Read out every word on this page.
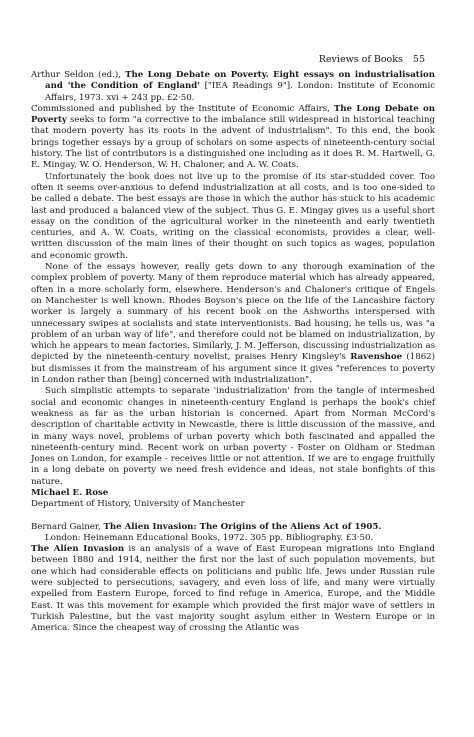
Reviews of Books 55

Arthur Seldon (ed.), The Long Debate on Poverty. Eight essays on industrialisation and 'the Condition of England' ["IEA Readings 9"]. London: Institute of Economic Affairs, 1973. xvi + 243 pp. £2·50.

Commissioned and published by the Institute of Economic Affairs, The Long Debate on Poverty seeks to form "a corrective to the imbalance still widespread in historical teaching that modern poverty has its roots in the advent of industrialism". To this end, the book brings together essays by a group of scholars on some aspects of nineteenth-century social history. The list of contributors is a distinguished one including as it does R. M. Hartwell, G. E. Mingay, W. O. Henderson, W. H. Chaloner, and A. W. Coats.

Unfortunately the book does not live up to the promise of its star-studded cover. Too often it seems over-anxious to defend industrialization at all costs, and is too one-sided to be called a debate. The best essays are those in which the author has stuck to his academic last and produced a balanced view of the subject. Thus G. E. Mingay gives us a useful short essay on the condition of the agricultural worker in the nineteenth and early twentieth centuries, and A. W. Coats, writing on the classical economists, provides a clear, well-written discussion of the main lines of their thought on such topics as wages, population and economic growth.

None of the essays however, really gets down to any thorough examination of the complex problem of poverty. Many of them reproduce material which has already appeared, often in a more scholarly form, elsewhere. Henderson's and Chaloner's critique of Engels on Manchester is well known. Rhodes Boyson's piece on the life of the Lancashire factory worker is largely a summary of his recent book on the Ashworths interspersed with unnecessary swipes at socialists and state interventionists. Bad housing, he tells us, was "a problem of an urban way of life", and therefore could not be blamed on industrialization, by which he appears to mean factories. Similarly, J. M. Jefferson, discussing industrialization as depicted by the nineteenth-century novelist, praises Henry Kingsley's Ravenshoe (1862) but dismisses it from the mainstream of his argument since it gives "references to poverty in London rather than [being] concerned with industrialization".

Such simplistic attempts to separate 'industrialization' from the tangle of intermeshed social and economic changes in nineteenth-century England is perhaps the book's chief weakness as far as the urban historian is concerned. Apart from Norman McCord's description of charitable activity in Newcastle, there is little discussion of the massive, and in many ways novel, problems of urban poverty which both fascinated and appalled the nineteenth-century mind. Recent work on urban poverty - Foster on Oldham or Stedman Jones on London, for example - receives little or not attention. If we are to engage fruitfully in a long debate on poverty we need fresh evidence and ideas, not stale bonfights of this nature.

Michael E. Rose

Department of History, University of Manchester

Bernard Gainer, The Alien Invasion: The Origins of the Aliens Act of 1905.

London: Heinemann Educational Books, 1972. 305 pp. Bibliography. £3·50.

The Alien Invasion is an analysis of a wave of East European migrations into England between 1880 and 1914, neither the first nor the last of such population movements, but one which had considerable effects on politicians and public life. Jews under Russian rule were subjected to persecutions, savagery, and even loss of life, and many were virtually expelled from Eastern Europe, forced to find refuge in America, Europe, and the Middle East. It was this movement for example which provided the first major wave of settlers in Turkish Palestine, but the vast majority sought asylum either in Western Europe or in America. Since the cheapest way of crossing the Atlantic was
